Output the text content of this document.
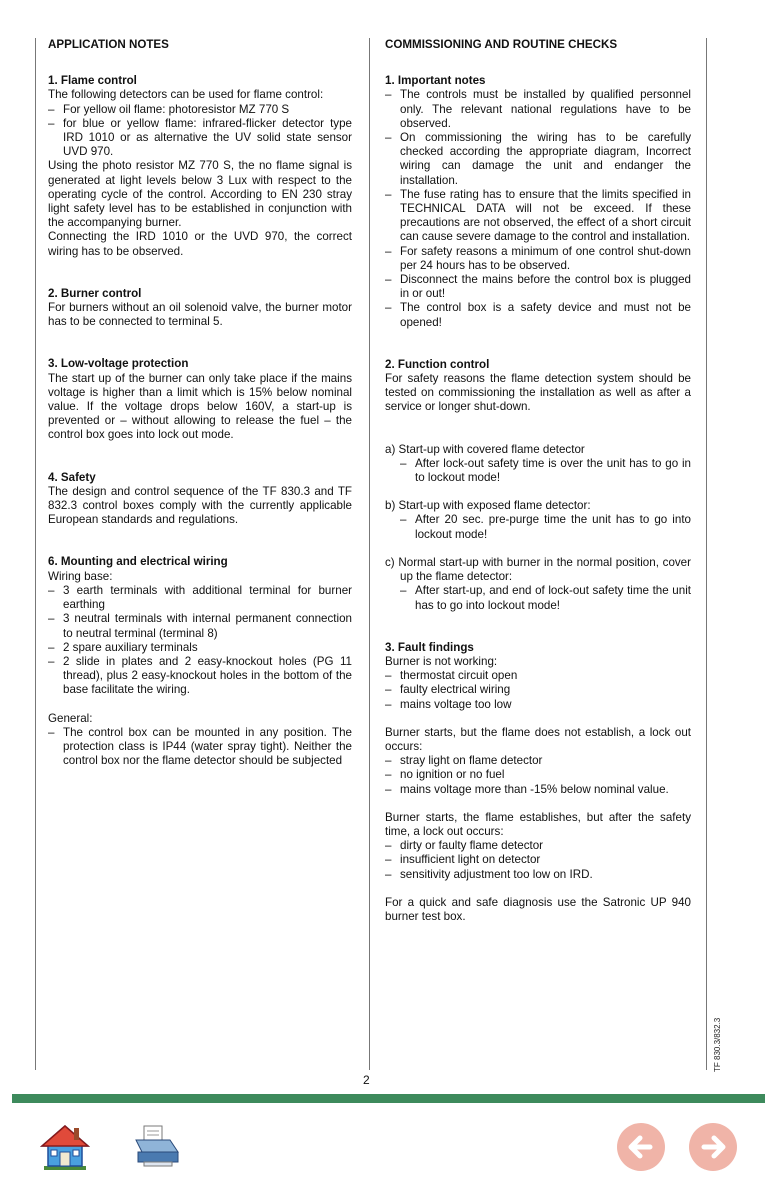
APPLICATION NOTES
1. Flame control

The following detectors can be used for flame control:

– For yellow oil flame: photoresistor MZ 770 S
– for blue or yellow flame: infrared-flicker detector type IRD 1010 or as alternative the UV solid state sensor UVD 970.

Using the photo resistor MZ 770 S, the no flame signal is generated at light levels below 3 Lux with respect to the operating cycle of the control. According to EN 230 stray light safety level has to be established in conjunction with the accompanying burner.

Connecting the IRD 1010 or the UVD 970, the correct wiring has to be observed.

2. Burner control

For burners without an oil solenoid valve, the burner motor has to be connected to terminal 5.

3. Low-voltage protection

The start up of the burner can only take place if the mains voltage is higher than a limit which is 15% below nominal value. If the voltage drops below 160V, a start-up is prevented or – without allowing to release the fuel – the control box goes into lock out mode.

4. Safety

The design and control sequence of the TF 830.3 and TF 832.3 control boxes comply with the currently applicable European standards and regulations.

6. Mounting and electrical wiring

Wiring base:

– 3 earth terminals with additional terminal for burner earthing
– 3 neutral terminals with internal permanent connection to neutral terminal (terminal 8)
– 2 spare auxiliary terminals
– 2 slide in plates and 2 easy-knockout holes (PG 11 thread), plus 2 easy-knockout holes in the bottom of the base facilitate the wiring.

General:

– The control box can be mounted in any position. The protection class is IP44 (water spray tight). Neither the control box nor the flame detector should be subjected
COMMISSIONING AND ROUTINE CHECKS
1. Important notes
– The controls must be installed by qualified personnel only. The relevant national regulations have to be observed.
– On commissioning the wiring has to be carefully checked according the appropriate diagram, Incorrect wiring can damage the unit and endanger the installation.
– The fuse rating has to ensure that the limits specified in TECHNICAL DATA will not be exceed. If these precautions are not observed, the effect of a short circuit can cause severe damage to the control and installation.
– For safety reasons a minimum of one control shut-down per 24 hours has to be observed.
– Disconnect the mains before the control box is plugged in or out!
– The control box is a safety device and must not be opened!
2. Function control

For safety reasons the flame detection system should be tested on commissioning the installation as well as after a service or longer shut-down.

a) Start-up with covered flame detector

– After lock-out safety time is over the unit has to go in to lockout mode!

b) Start-up with exposed flame detector:

– After 20 sec. pre-purge time the unit has to go into lockout mode!

c) Normal start-up with burner in the normal position, cover up the flame detector:

– After start-up, and end of lock-out safety time the unit has to go into lockout mode!
3. Fault findings

Burner is not working:

– thermostat circuit open
– faulty electrical wiring
– mains voltage too low

Burner starts, but the flame does not establish, a lock out occurs:

– stray light on flame detector
– no ignition or no fuel
– mains voltage more than -15% below nominal value.

Burner starts, the flame establishes, but after the safety time, a lock out occurs:

– dirty or faulty flame detector
– insufficient light on detector
– sensitivity adjustment too low on IRD.

For a quick and safe diagnosis use the Satronic UP 940 burner test box.

TF 830.3/832.3
2
